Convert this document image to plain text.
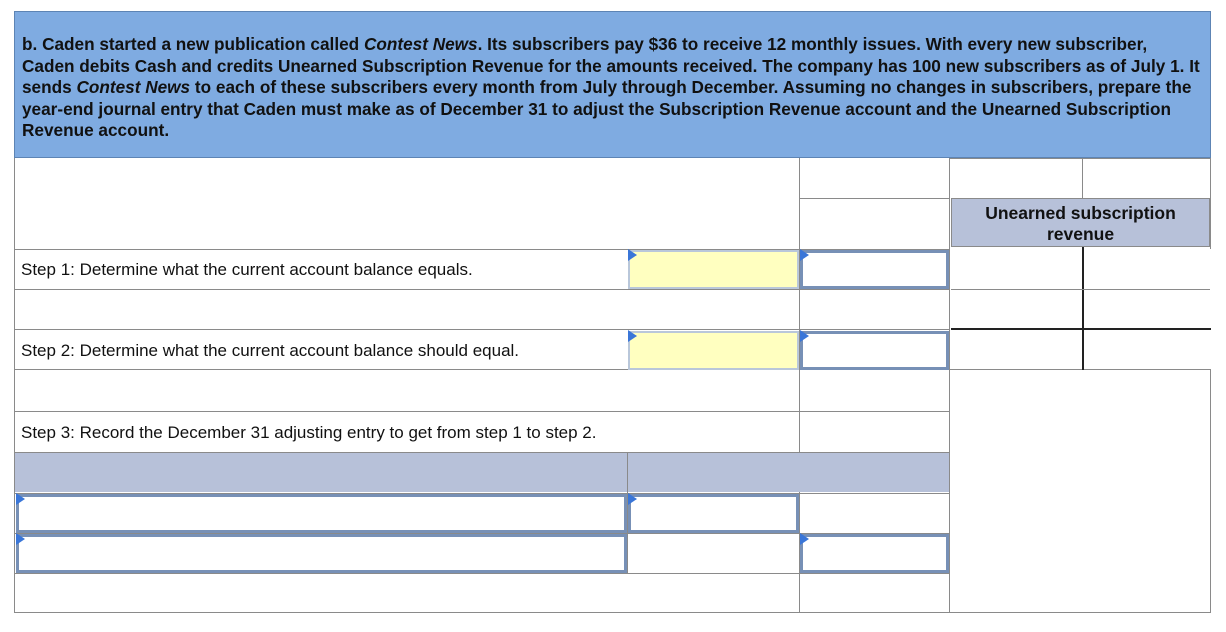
b. Caden started a new publication called Contest News. Its subscribers pay $36 to receive 12 monthly issues. With every new subscriber, Caden debits Cash and credits Unearned Subscription Revenue for the amounts received. The company has 100 new subscribers as of July 1. It sends Contest News to each of these subscribers every month from July through December. Assuming no changes in subscribers, prepare the year-end journal entry that Caden must make as of December 31 to adjust the Subscription Revenue account and the Unearned Subscription Revenue account.
Unearned subscription
revenue
Step 1: Determine what the current account balance equals.
Step 2: Determine what the current account balance should equal.
Step 3: Record the December 31 adjusting entry to get from step 1 to step 2.
